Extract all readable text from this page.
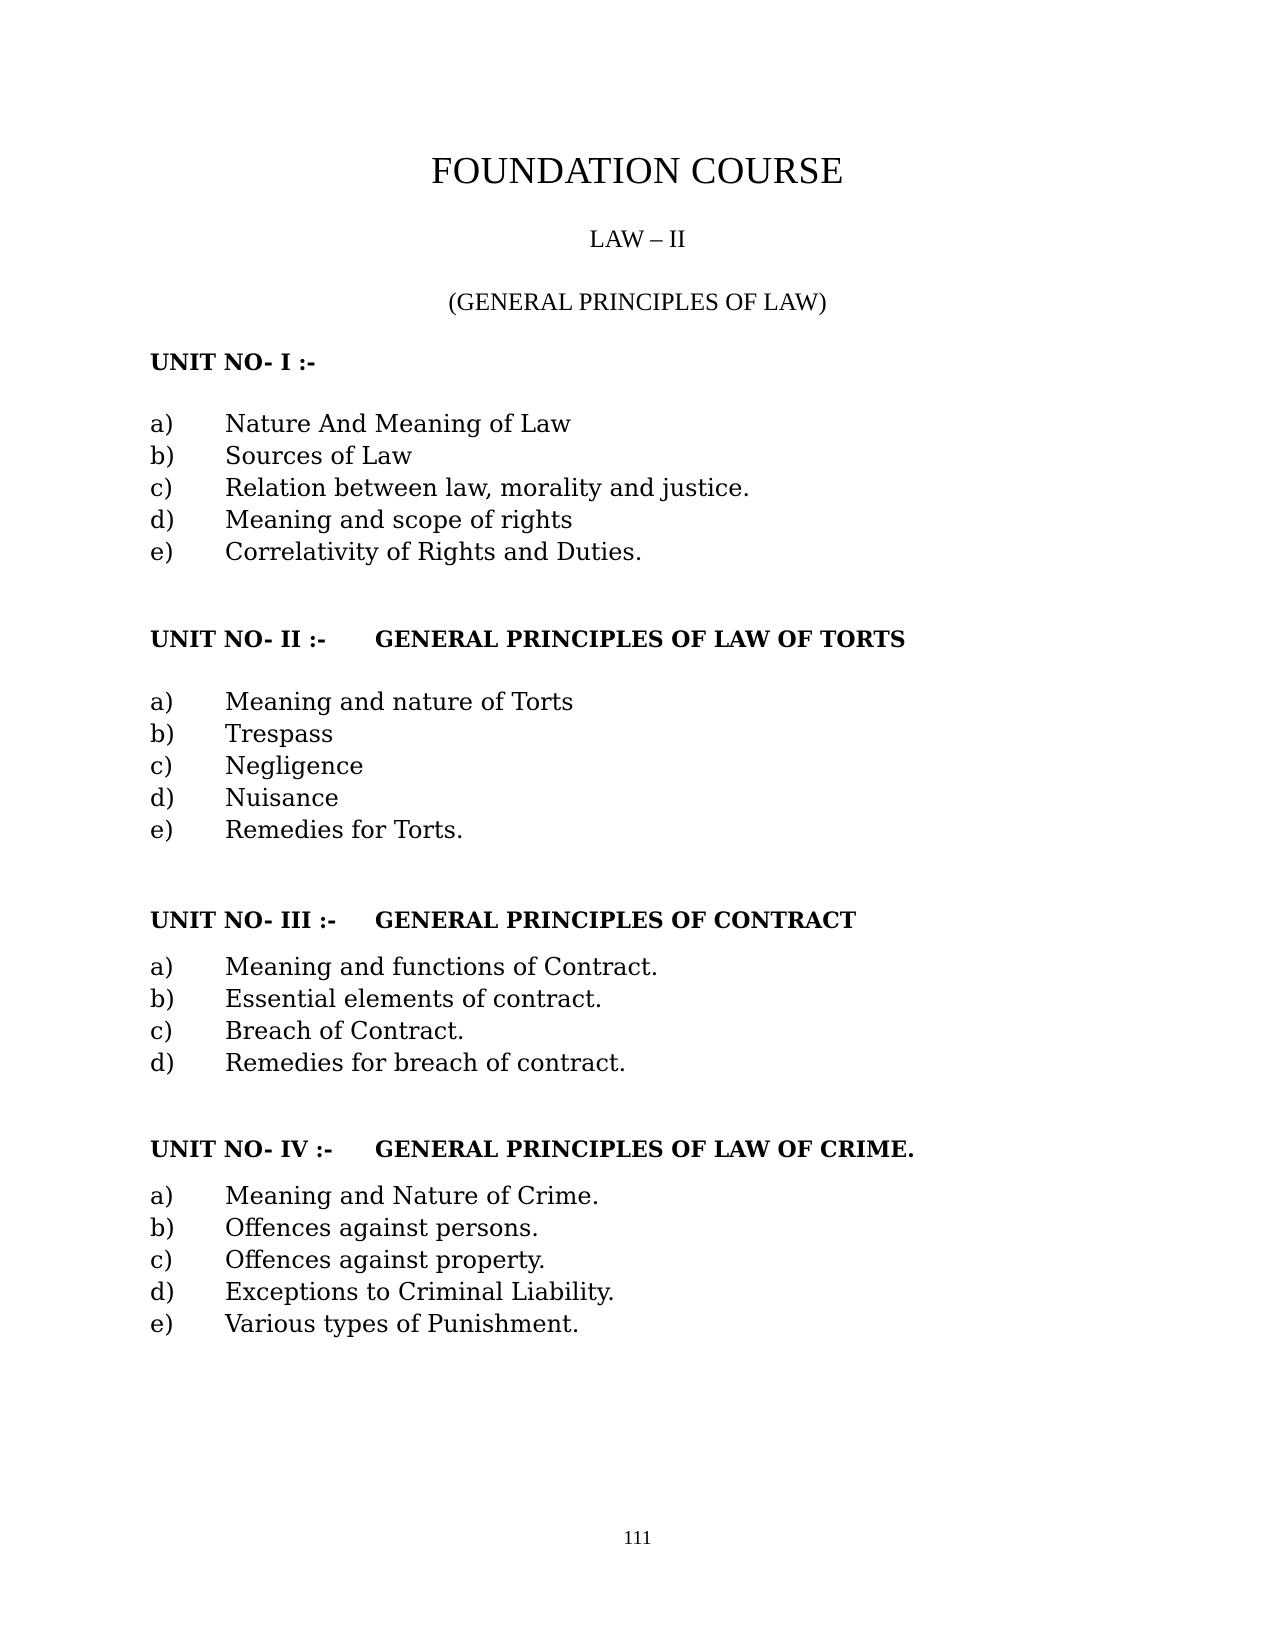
FOUNDATION COURSE
LAW – II
(GENERAL PRINCIPLES OF LAW)
UNIT NO- I :-
a) Nature And Meaning of Law
b) Sources of Law
c) Relation between law, morality and justice.
d) Meaning and scope of rights
e) Correlativity of Rights and Duties.
UNIT NO- II :- GENERAL PRINCIPLES OF LAW OF TORTS
a) Meaning and nature of Torts
b) Trespass
c) Negligence
d) Nuisance
e) Remedies for Torts.
UNIT NO- III :- GENERAL PRINCIPLES OF CONTRACT
a) Meaning and functions of Contract.
b) Essential elements of contract.
c) Breach of Contract.
d) Remedies for breach of contract.
UNIT NO- IV :- GENERAL PRINCIPLES OF LAW OF CRIME.
a) Meaning and Nature of Crime.
b) Offences against persons.
c) Offences against property.
d) Exceptions to Criminal Liability.
e) Various types of Punishment.
111
